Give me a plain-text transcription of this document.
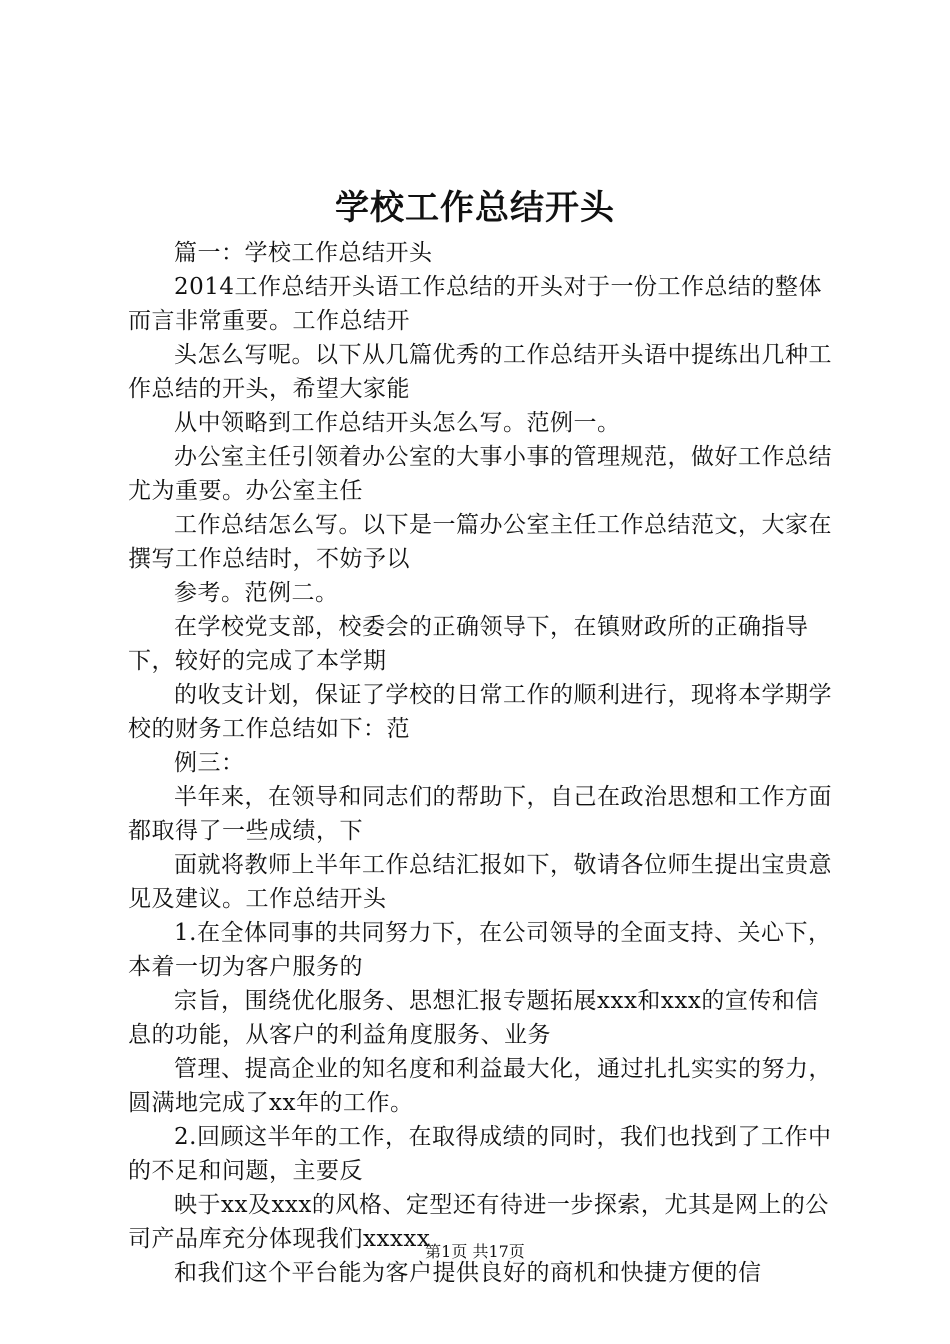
学校工作总结开头

篇一：学校工作总结开头

2014工作总结开头语工作总结的开头对于一份工作总结的整体而言非常重要。工作总结开

头怎么写呢。以下从几篇优秀的工作总结开头语中提练出几种工作总结的开头，希望大家能

从中领略到工作总结开头怎么写。范例一。

办公室主任引领着办公室的大事小事的管理规范，做好工作总结尤为重要。办公室主任

工作总结怎么写。以下是一篇办公室主任工作总结范文，大家在撰写工作总结时，不妨予以

参考。范例二。

在学校党支部，校委会的正确领导下，在镇财政所的正确指导下，较好的完成了本学期

的收支计划，保证了学校的日常工作的顺利进行，现将本学期学校的财务工作总结如下：范

例三：

半年来，在领导和同志们的帮助下，自己在政治思想和工作方面都取得了一些成绩，下

面就将教师上半年工作总结汇报如下，敬请各位师生提出宝贵意见及建议。工作总结开头

1.在全体同事的共同努力下，在公司领导的全面支持、关心下，本着一切为客户服务的

宗旨，围绕优化服务、思想汇报专题拓展xxx和xxx的宣传和信息的功能，从客户的利益角度服务、业务

管理、提高企业的知名度和利益最大化，通过扎扎实实的努力，圆满地完成了xx年的工作。

2.回顾这半年的工作，在取得成绩的同时，我们也找到了工作中的不足和问题，主要反

映于xx及xxx的风格、定型还有待进一步探索，尤其是网上的公司产品库充分体现我们xxxxx

和我们这个平台能为客户提供良好的商机和快捷方便的信

第1页 共17页
